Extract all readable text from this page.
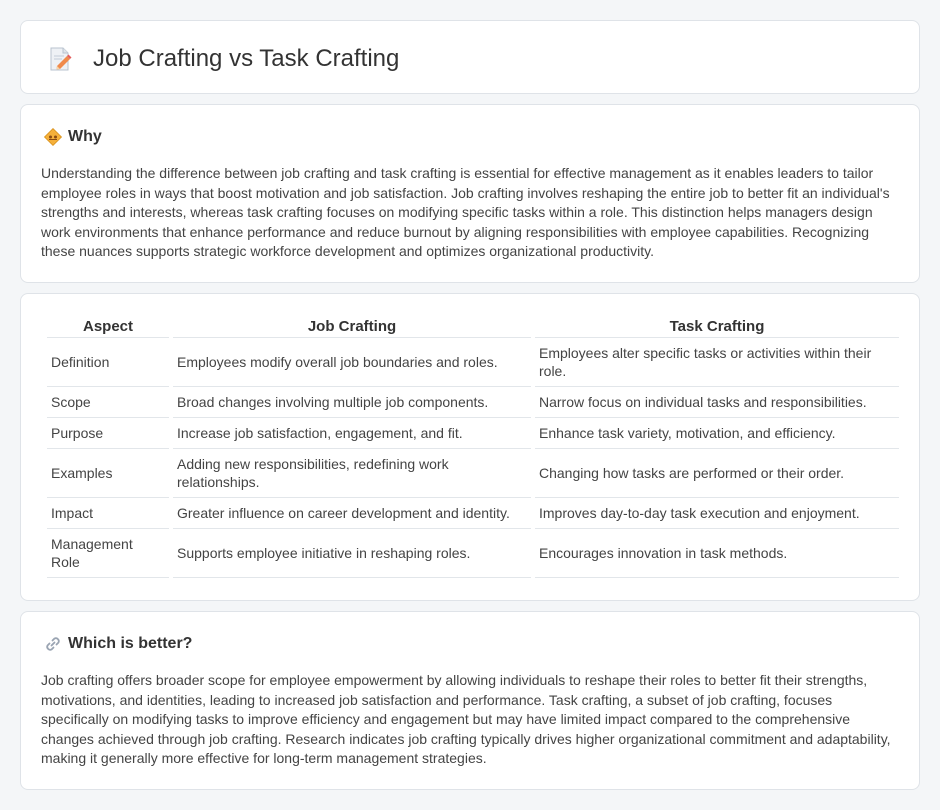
Job Crafting vs Task Crafting
Why

Understanding the difference between job crafting and task crafting is essential for effective management as it enables leaders to tailor employee roles in ways that boost motivation and job satisfaction. Job crafting involves reshaping the entire job to better fit an individual's strengths and interests, whereas task crafting focuses on modifying specific tasks within a role. This distinction helps managers design work environments that enhance performance and reduce burnout by aligning responsibilities with employee capabilities. Recognizing these nuances supports strategic workforce development and optimizes organizational productivity.

Aspect	Job Crafting	Task Crafting
Definition	Employees modify overall job boundaries and roles.	Employees alter specific tasks or activities within their role.
Scope	Broad changes involving multiple job components.	Narrow focus on individual tasks and responsibilities.
Purpose	Increase job satisfaction, engagement, and fit.	Enhance task variety, motivation, and efficiency.
Examples	Adding new responsibilities, redefining work relationships.	Changing how tasks are performed or their order.
Impact	Greater influence on career development and identity.	Improves day-to-day task execution and enjoyment.
Management Role	Supports employee initiative in reshaping roles.	Encourages innovation in task methods.
Which is better?

Job crafting offers broader scope for employee empowerment by allowing individuals to reshape their roles to better fit their strengths, motivations, and identities, leading to increased job satisfaction and performance. Task crafting, a subset of job crafting, focuses specifically on modifying tasks to improve efficiency and engagement but may have limited impact compared to the comprehensive changes achieved through job crafting. Research indicates job crafting typically drives higher organizational commitment and adaptability, making it generally more effective for long-term management strategies.
